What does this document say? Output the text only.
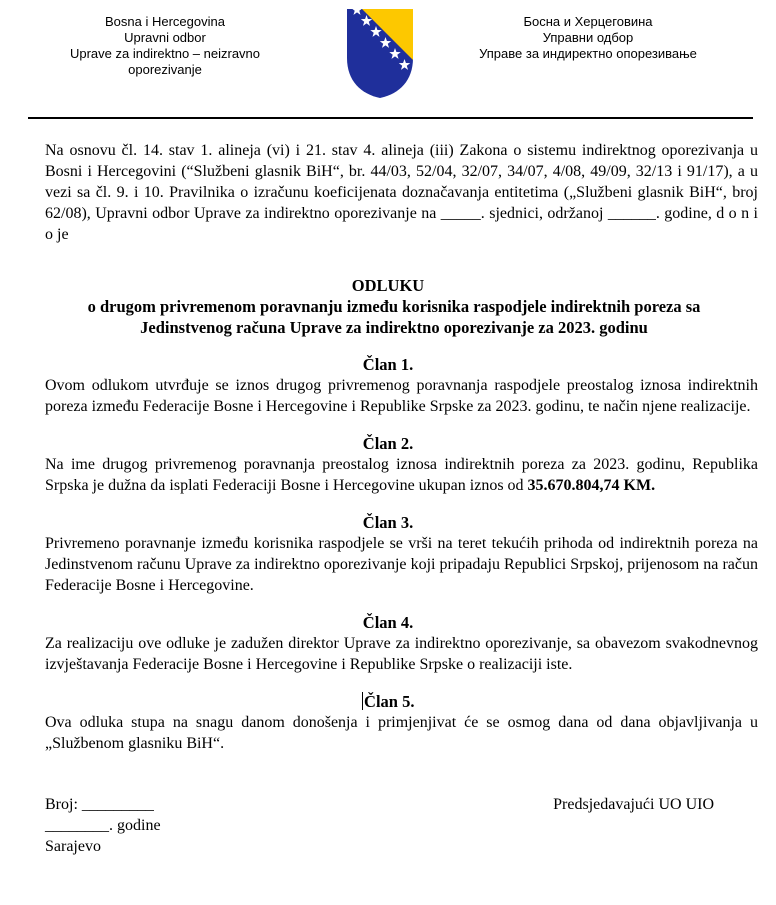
Bosna i Hercegovina
Upravni odbor
Uprave za indirektno – neizravno
oporezivanje
Босна и Херцеговина
Управни одбор
Управе за индиректно опорезивање

Na osnovu čl. 14. stav 1. alineja (vi) i 21. stav 4. alineja (iii) Zakona o sistemu indirektnog oporezivanja u Bosni i Hercegovini (“Službeni glasnik BiH“, br. 44/03, 52/04, 32/07, 34/07, 4/08, 49/09, 32/13 i 91/17), a u vezi sa čl. 9. i 10. Pravilnika o izračunu koeficijenata doznačavanja entitetima („Službeni glasnik BiH“, broj 62/08), Upravni odbor Uprave za indirektno oporezivanje na _____. sjednici, održanoj ______. godine, d o n i o je

ODLUKU
o drugom privremenom poravnanju između korisnika raspodjele indirektnih poreza sa Jedinstvenog računa Uprave za indirektno oporezivanje za 2023. godinu
Član 1.

Ovom odlukom utvrđuje se iznos drugog privremenog poravnanja raspodjele preostalog iznosa indirektnih poreza između Federacije Bosne i Hercegovine i Republike Srpske za 2023. godinu, te način njene realizacije.

Član 2.

Na ime drugog privremenog poravnanja preostalog iznosa indirektnih poreza za 2023. godinu, Republika Srpska je dužna da isplati Federaciji Bosne i Hercegovine ukupan iznos od 35.670.804,74 KM.

Član 3.

Privremeno poravnanje između korisnika raspodjele se vrši na teret tekućih prihoda od indirektnih poreza na Jedinstvenom računu Uprave za indirektno oporezivanje koji pripadaju Republici Srpskoj, prijenosom na račun Federacije Bosne i Hercegovine.

Član 4.

Za realizaciju ove odluke je zadužen direktor Uprave za indirektno oporezivanje, sa obavezom svakodnevnog izvještavanja Federacije Bosne i Hercegovine i Republike Srpske o realizaciji iste.

Član 5.

Ova odluka stupa na snagu danom donošenja i primjenjivat će se osmog dana od dana objavljivanja u „Službenom glasniku BiH“.

Broj: _________
________. godine
Sarajevo
Predsjedavajući UO UIO
